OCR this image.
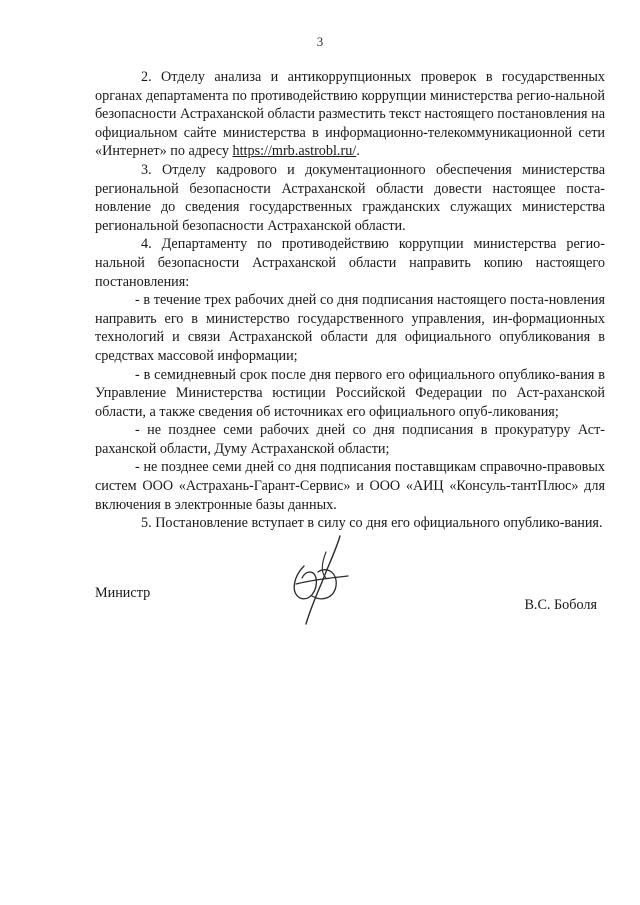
3

2. Отделу анализа и антикоррупционных проверок в государственных органах департамента по противодействию коррупции министерства регио-нальной безопасности Астраханской области разместить текст настоящего постановления на официальном сайте министерства в информационно-телекоммуникационной сети «Интернет» по адресу https://mrb.astrobl.ru/.

3. Отделу кадрового и документационного обеспечения министерства региональной безопасности Астраханской области довести настоящее поста-новление до сведения государственных гражданских служащих министерства региональной безопасности Астраханской области.

4. Департаменту по противодействию коррупции министерства регио-нальной безопасности Астраханской области направить копию настоящего постановления:

- в течение трех рабочих дней со дня подписания настоящего поста-новления направить его в министерство государственного управления, ин-формационных технологий и связи Астраханской области для официального опубликования в средствах массовой информации;

- в семидневный срок после дня первого его официального опублико-вания в Управление Министерства юстиции Российской Федерации по Аст-раханской области, а также сведения об источниках его официального опуб-ликования;

- не позднее семи рабочих дней со дня подписания в прокуратуру Аст-раханской области, Думу Астраханской области;

- не позднее семи дней со дня подписания поставщикам справочно-правовых систем ООО «Астрахань-Гарант-Сервис» и ООО «АИЦ «Консуль-тантПлюс» для включения в электронные базы данных.

5. Постановление вступает в силу со дня его официального опублико-вания.

Министр
В.С. Боболя
